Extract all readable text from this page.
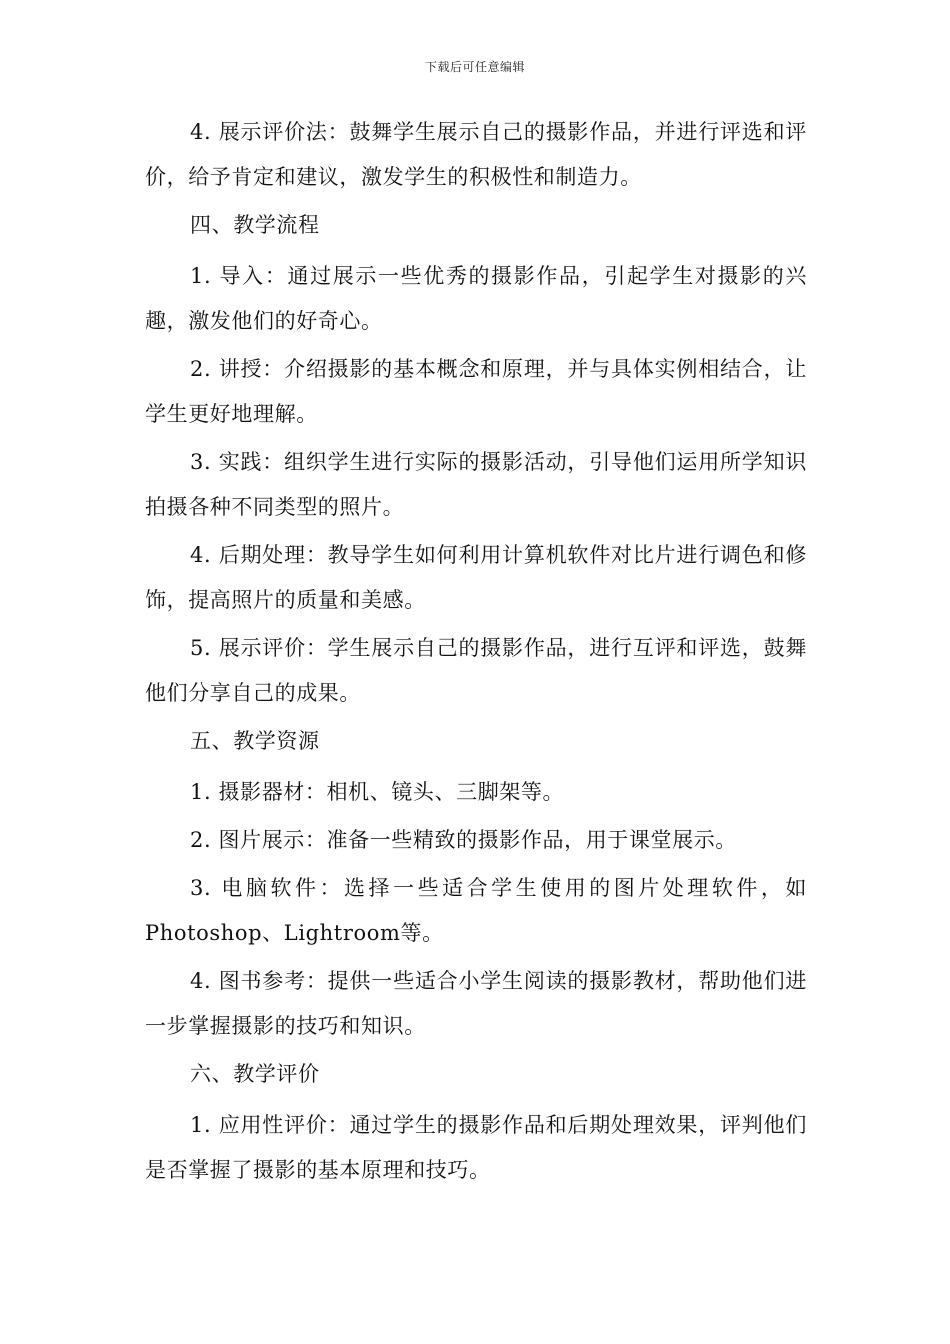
下载后可任意编辑

4. 展示评价法：鼓舞学生展示自己的摄影作品，并进行评选和评价，给予肯定和建议，激发学生的积极性和制造力。

四、教学流程

1. 导入：通过展示一些优秀的摄影作品，引起学生对摄影的兴趣，激发他们的好奇心。

2. 讲授：介绍摄影的基本概念和原理，并与具体实例相结合，让学生更好地理解。

3. 实践：组织学生进行实际的摄影活动，引导他们运用所学知识拍摄各种不同类型的照片。

4. 后期处理：教导学生如何利用计算机软件对比片进行调色和修饰，提高照片的质量和美感。

5. 展示评价：学生展示自己的摄影作品，进行互评和评选，鼓舞他们分享自己的成果。

五、教学资源

1. 摄影器材：相机、镜头、三脚架等。

2. 图片展示：准备一些精致的摄影作品，用于课堂展示。

3. 电脑软件：选择一些适合学生使用的图片处理软件，如Photoshop、Lightroom等。

4. 图书参考：提供一些适合小学生阅读的摄影教材，帮助他们进一步掌握摄影的技巧和知识。

六、教学评价

1. 应用性评价：通过学生的摄影作品和后期处理效果，评判他们是否掌握了摄影的基本原理和技巧。
